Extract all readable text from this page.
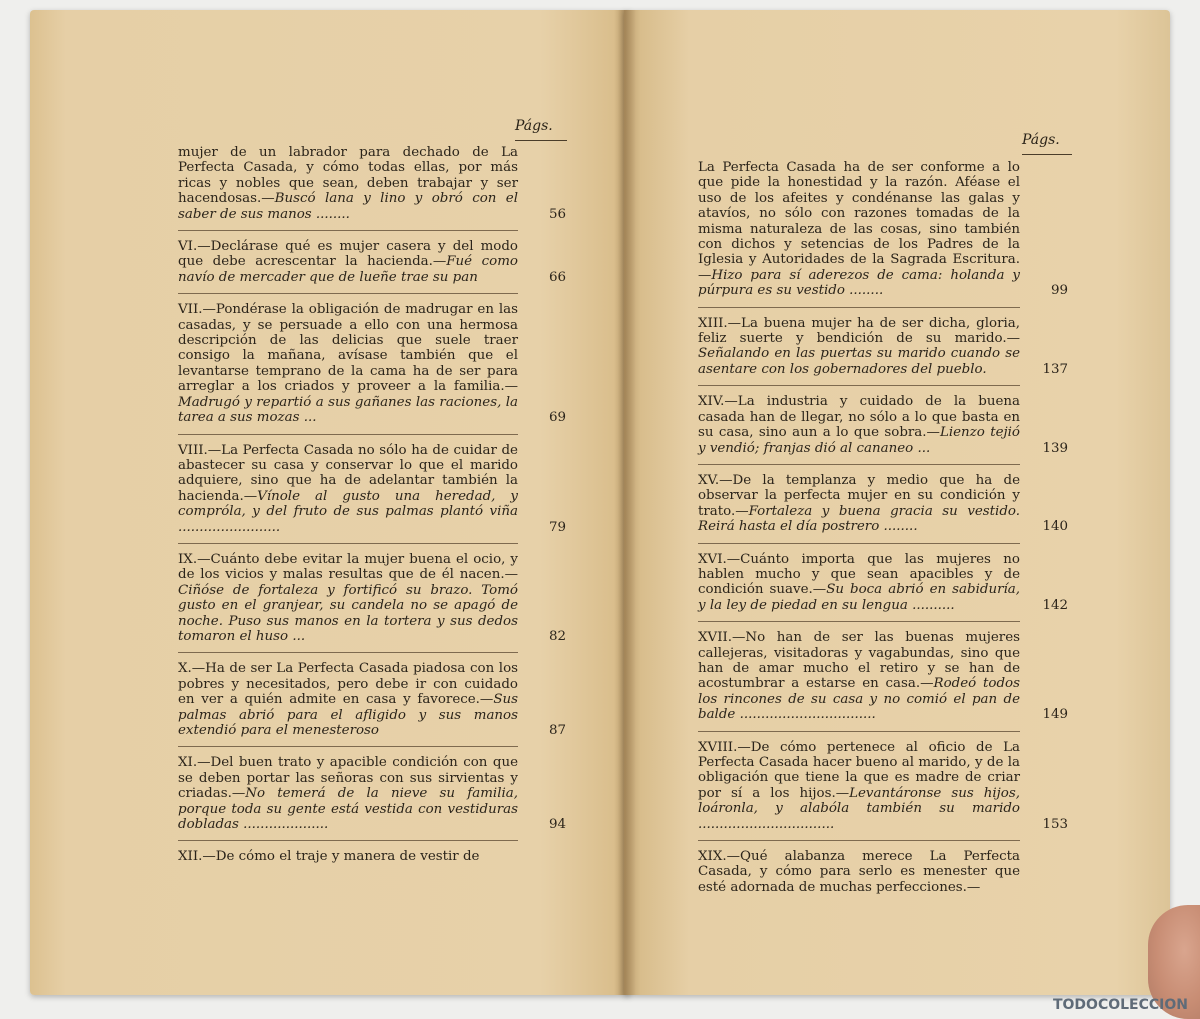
Págs.
Págs.
mujer de un labrador para dechado de La Perfecta Casada, y cómo todas ellas, por más ricas y nobles que sean, deben trabajar y ser hacendosas.—Buscó lana y lino y obró con el saber de sus manos ........	56
VI.—Declárase qué es mujer casera y del modo que debe acrescentar la hacienda.—Fué como navío de mercader que de lueñe trae su pan	66
VII.—Pondérase la obligación de madrugar en las casadas, y se persuade a ello con una hermosa descripción de las delicias que suele traer consigo la mañana, avísase también que el levantarse temprano de la cama ha de ser para arreglar a los criados y proveer a la familia.—Madrugó y repartió a sus gañanes las raciones, la tarea a sus mozas ...	69
VIII.—La Perfecta Casada no sólo ha de cuidar de abastecer su casa y conservar lo que el marido adquiere, sino que ha de adelantar también la hacienda.—Vínole al gusto una heredad, y compróla, y del fruto de sus palmas plantó viña ........................	79
IX.—Cuánto debe evitar la mujer buena el ocio, y de los vicios y malas resultas que de él nacen.—Ciñóse de fortaleza y fortificó su brazo. Tomó gusto en el granjear, su candela no se apagó de noche. Puso sus manos en la tortera y sus dedos tomaron el huso ...	82
X.—Ha de ser La Perfecta Casada piadosa con los pobres y necesitados, pero debe ir con cuidado en ver a quién admite en casa y favorece.—Sus palmas abrió para el afligido y sus manos extendió para el menesteroso	87
XI.—Del buen trato y apacible condición con que se deben portar las señoras con sus sirvientas y criadas.—No temerá de la nieve su familia, porque toda su gente está vestida con vestiduras dobladas ....................	94
XII.—De cómo el traje y manera de vestir de
La Perfecta Casada ha de ser conforme a lo que pide la honestidad y la razón. Aféase el uso de los afeites y condénanse las galas y atavíos, no sólo con razones tomadas de la misma naturaleza de las cosas, sino también con dichos y setencias de los Padres de la Iglesia y Autoridades de la Sagrada Escritura.—Hizo para sí aderezos de cama: holanda y púrpura es su vestido ........	99
XIII.—La buena mujer ha de ser dicha, gloria, feliz suerte y bendición de su marido.—Señalando en las puertas su marido cuando se asentare con los gobernadores del pueblo.	137
XIV.—La industria y cuidado de la buena casada han de llegar, no sólo a lo que basta en su casa, sino aun a lo que sobra.—Lienzo tejió y vendió; franjas dió al cananeo ...	139
XV.—De la templanza y medio que ha de observar la perfecta mujer en su condición y trato.—Fortaleza y buena gracia su vestido. Reirá hasta el día postrero ........	140
XVI.—Cuánto importa que las mujeres no hablen mucho y que sean apacibles y de condición suave.—Su boca abrió en sabiduría, y la ley de piedad en su lengua ..........	142
XVII.—No han de ser las buenas mujeres callejeras, visitadoras y vagabundas, sino que han de amar mucho el retiro y se han de acostumbrar a estarse en casa.—Rodeó todos los rincones de su casa y no comió el pan de balde ................................	149
XVIII.—De cómo pertenece al oficio de La Perfecta Casada hacer bueno al marido, y de la obligación que tiene la que es madre de criar por sí a los hijos.—Levantáronse sus hijos, loáronla, y alabóla también su marido ................................	153
XIX.—Qué alabanza merece La Perfecta Casada, y cómo para serlo es menester que esté adornada de muchas perfecciones.—
TODOCOLECCION
